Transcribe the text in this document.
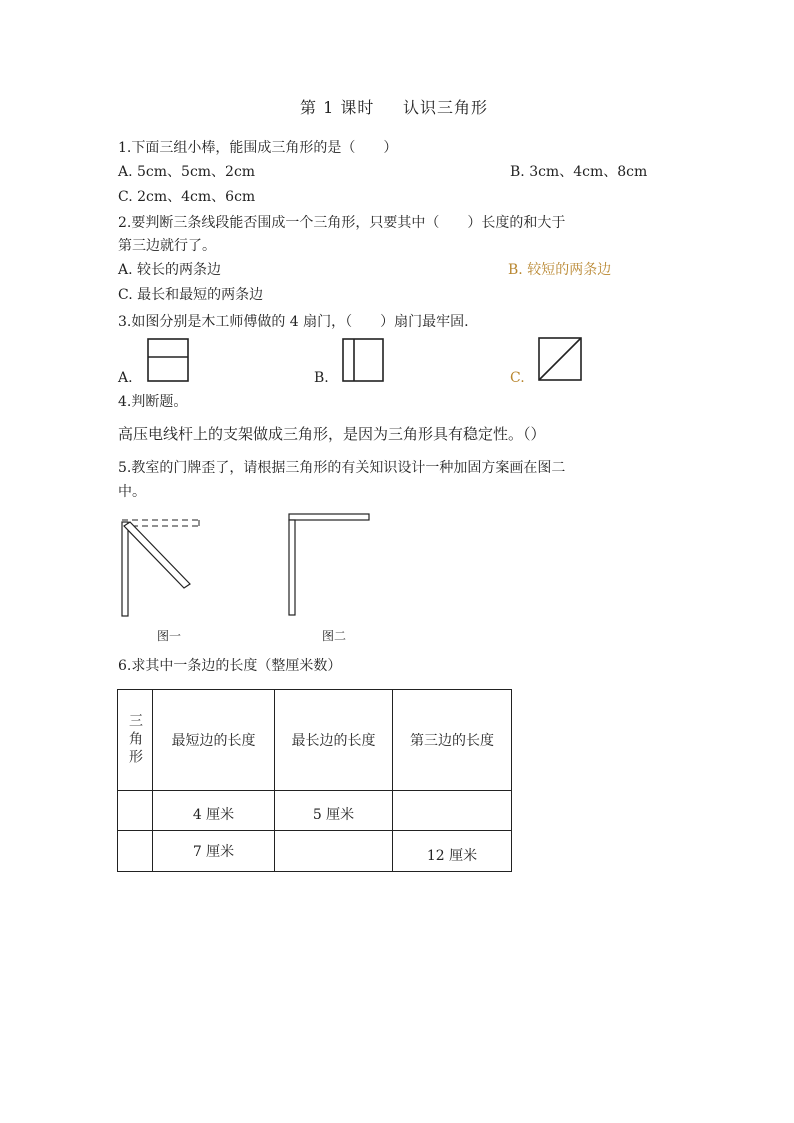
第 1 课时 认识三角形
1.下面三组小棒，能围成三角形的是（　　）
A. 5cm、5cm、2cm	B. 3cm、4cm、8cm
C. 2cm、4cm、6cm
2.要判断三条线段能否围成一个三角形，只要其中（　　）长度的和大于
第三边就行了。
A. 较长的两条边	B. 较短的两条边
C. 最长和最短的两条边
3.如图分别是木工师傅做的 4 扇门，（　　）扇门最牢固.
A.	B.	C.
4.判断题。
高压电线杆上的支架做成三角形，是因为三角形具有稳定性。（）
5.教室的门牌歪了，请根据三角形的有关知识设计一种加固方案画在图二
中。
图一	图二
6.求其中一条边的长度（整厘米数）
三角形	最短边的长度	最长边的长度	第三边的长度
	4 厘米	5 厘米	
	7 厘米		12 厘米
